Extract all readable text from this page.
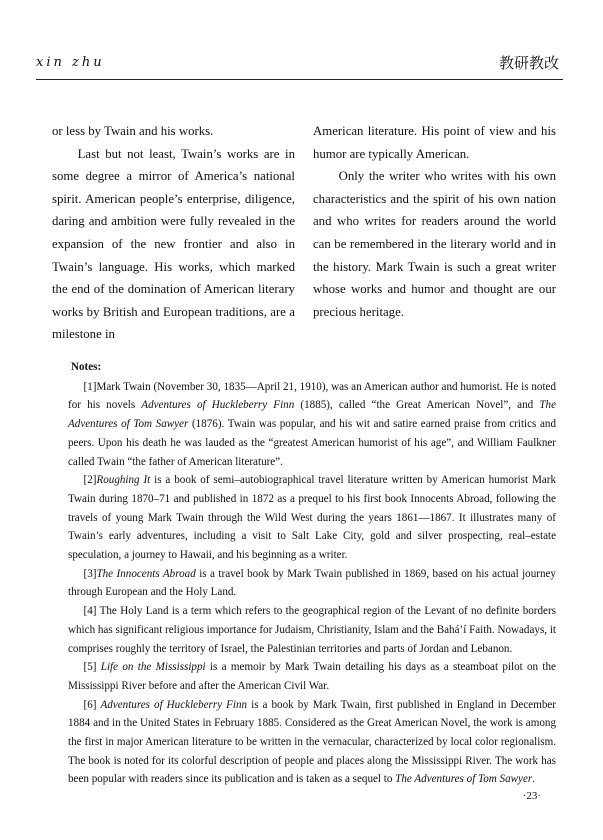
xin zhu	教研教改

or less by Twain and his works.

Last but not least, Twain’s works are in some degree a mirror of America’s national spirit. American people’s enterprise, diligence, daring and ambition were fully revealed in the expansion of the new frontier and also in Twain’s language. His works, which marked the end of the domination of American literary works by British and European traditions, are a milestone in

American literature. His point of view and his humor are typically American.

Only the writer who writes with his own characteristics and the spirit of his own nation and who writes for readers around the world can be remembered in the literary world and in the history. Mark Twain is such a great writer whose works and humor and thought are our precious heritage.

Notes:

[1]Mark Twain (November 30, 1835—April 21, 1910), was an American author and humorist. He is noted for his novels Adventures of Huckleberry Finn (1885), called “the Great American Novel”, and The Adventures of Tom Sawyer (1876). Twain was popular, and his wit and satire earned praise from critics and peers. Upon his death he was lauded as the “greatest American humorist of his age”, and William Faulkner called Twain “the father of American literature”.

[2]Roughing It is a book of semi–autobiographical travel literature written by American humorist Mark Twain during 1870–71 and published in 1872 as a prequel to his first book Innocents Abroad, following the travels of young Mark Twain through the Wild West during the years 1861—1867. It illustrates many of Twain’s early adventures, including a visit to Salt Lake City, gold and silver prospecting, real–estate speculation, a journey to Hawaii, and his beginning as a writer.

[3]The Innocents Abroad is a travel book by Mark Twain published in 1869, based on his actual journey through European and the Holy Land.

[4] The Holy Land is a term which refers to the geographical region of the Levant of no definite borders which has significant religious importance for Judaism, Christianity, Islam and the Bahá’í Faith. Nowadays, it comprises roughly the territory of Israel, the Palestinian territories and parts of Jordan and Lebanon.

[5] Life on the Mississippi is a memoir by Mark Twain detailing his days as a steamboat pilot on the Mississippi River before and after the American Civil War.

[6] Adventures of Huckleberry Finn is a book by Mark Twain, first published in England in December 1884 and in the United States in February 1885. Considered as the Great American Novel, the work is among the first in major American literature to be written in the vernacular, characterized by local color regionalism. The book is noted for its colorful description of people and places along the Mississippi River. The work has been popular with readers since its publication and is taken as a sequel to The Adventures of Tom Sawyer.

·23·
